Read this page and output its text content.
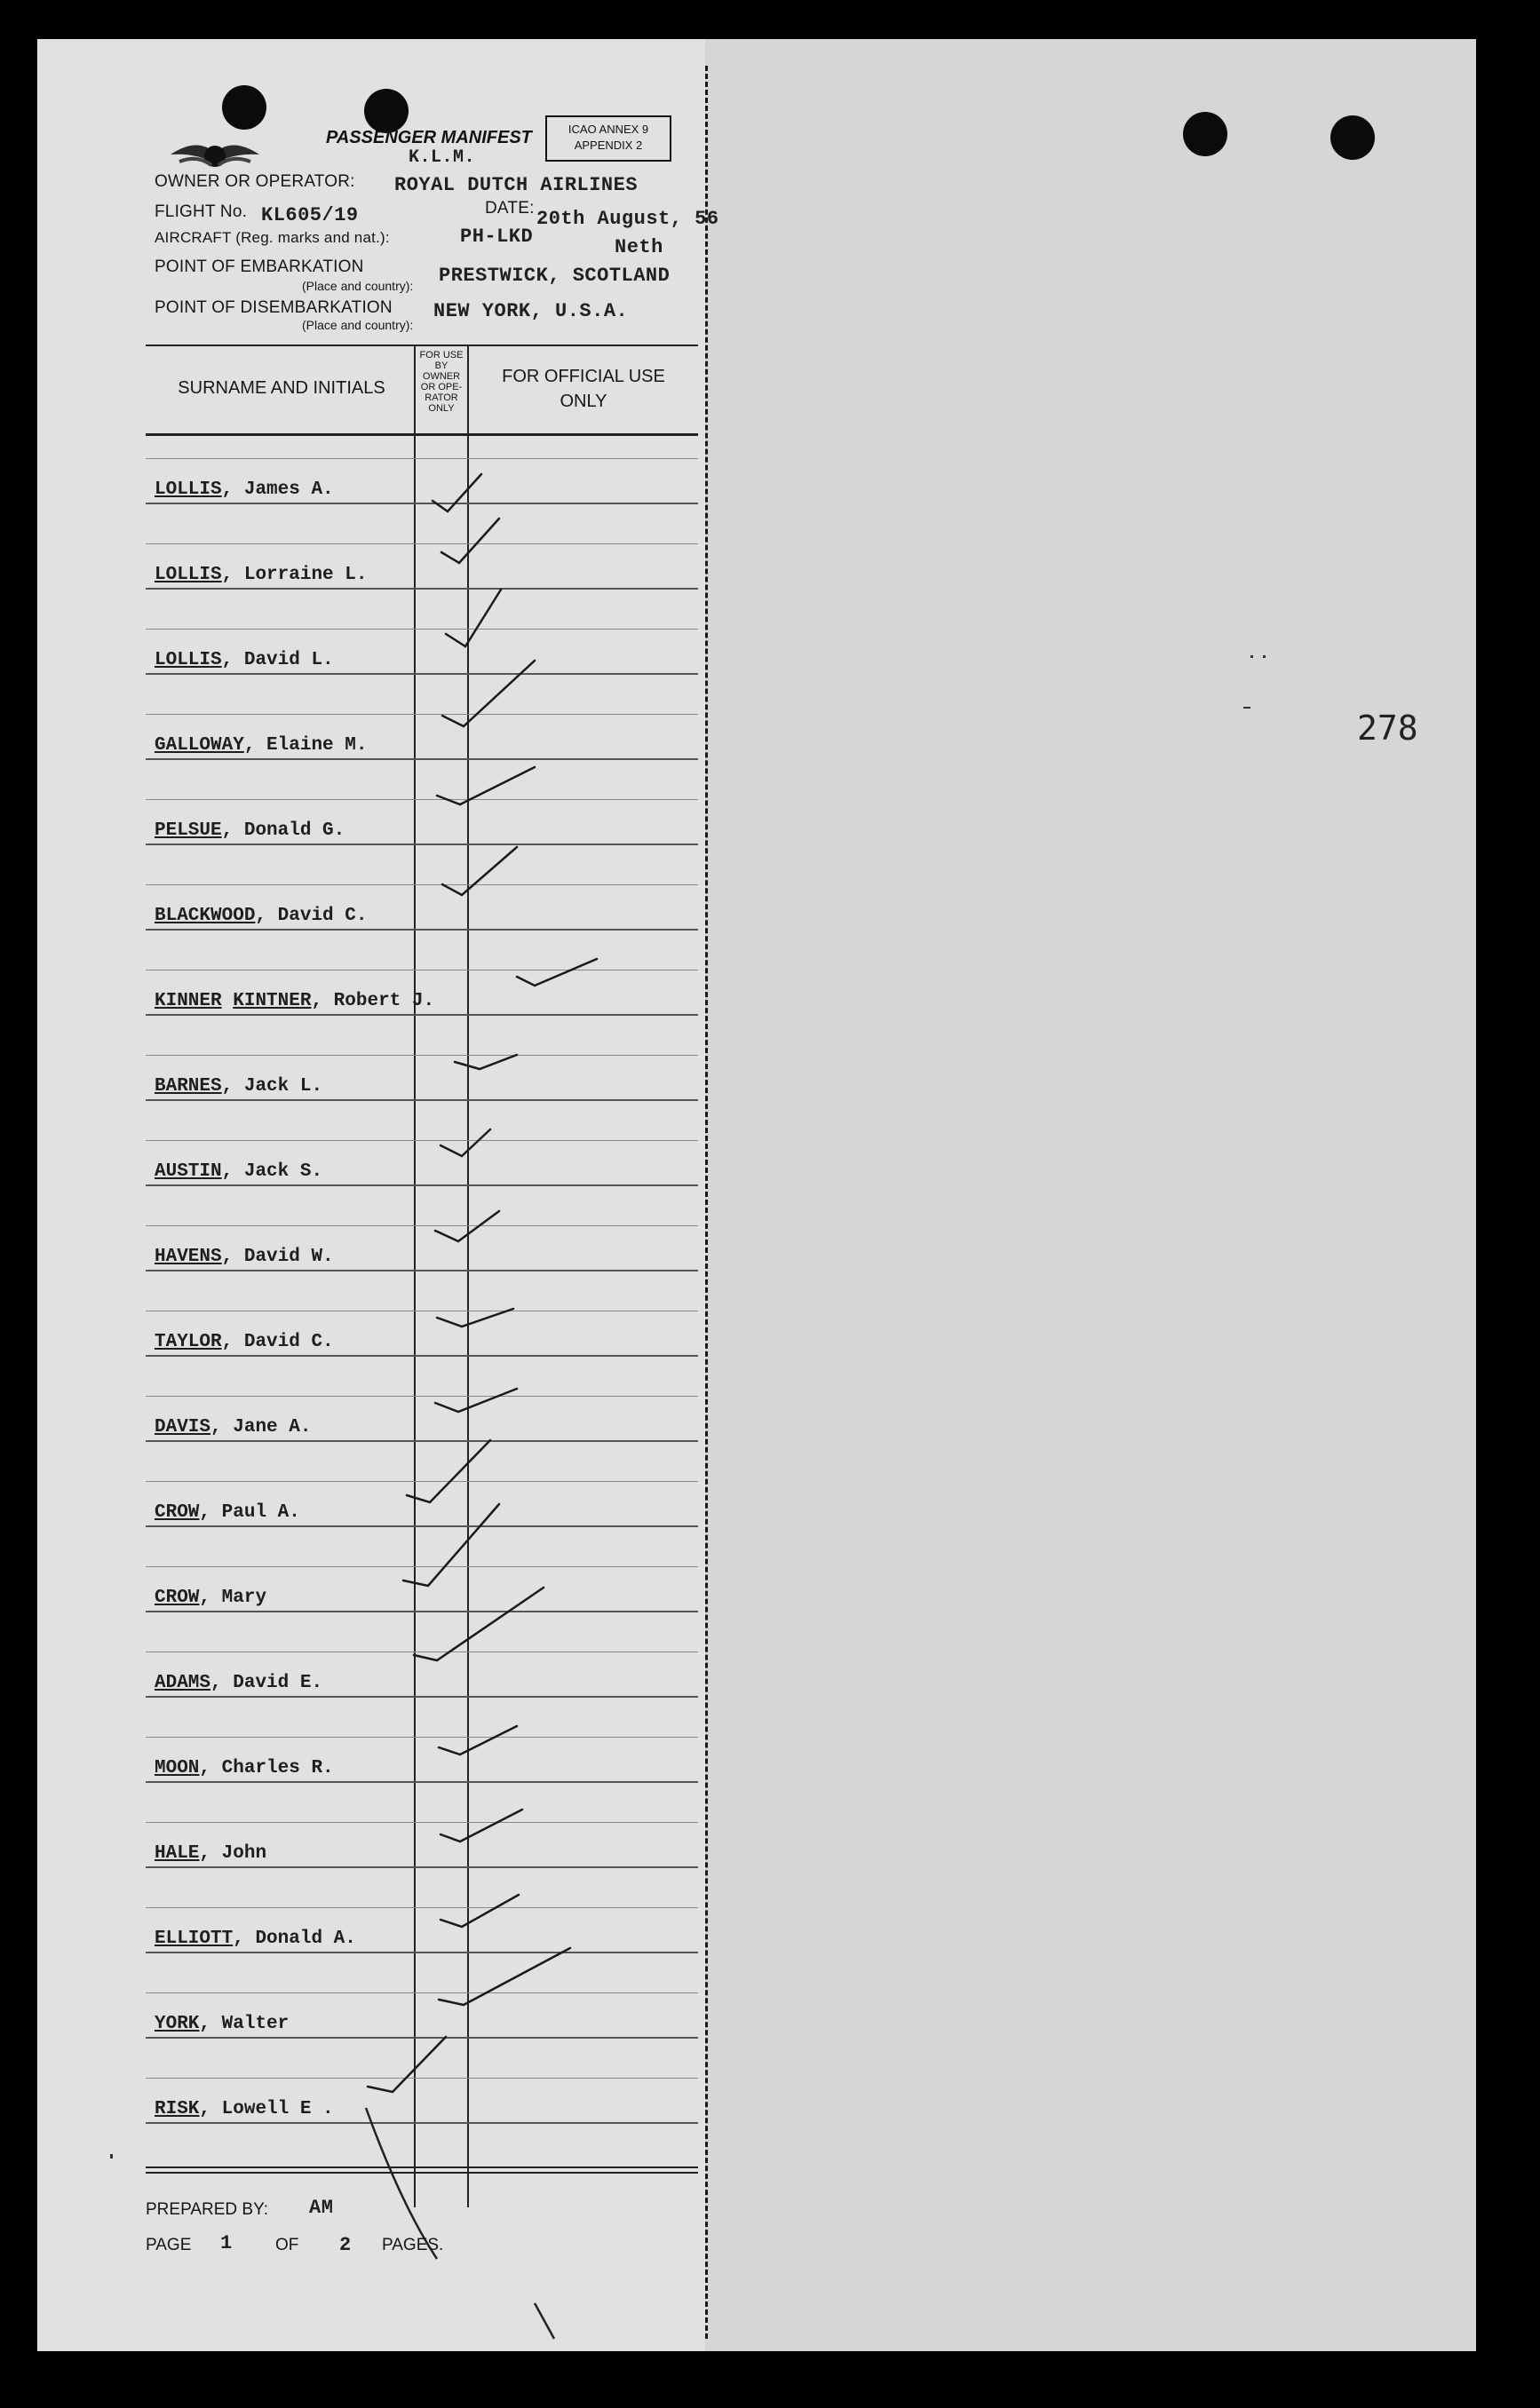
PASSENGER MANIFEST	ICAO ANNEX 9
APPENDIX 2
K.L.M.
OWNER OR OPERATOR: ROYAL DUTCH AIRLINES
FLIGHT No. KL605/19	DATE: 20th August, 56
AIRCRAFT (Reg. marks and nat.):	PH-LKD	Neth
POINT OF EMBARKATION
(Place and country): PRESTWICK, SCOTLAND
POINT OF DISEMBARKATION
(Place and country):
NEW YORK, U.S.A.
SURNAME AND INITIALS
FOR USE
BY
OWNER
OR OPE-
RATOR
ONLY
FOR OFFICIAL USE
ONLY
LOLLIS, James A.
LOLLIS, Lorraine L.
LOLLIS, David L.
GALLOWAY, Elaine M.
PELSUE, Donald G.
BLACKWOOD, David C.
KINNER KINTNER, Robert J.
BARNES, Jack L.
AUSTIN, Jack S.
HAVENS, David W.
TAYLOR, David C.
DAVIS, Jane A.
CROW, Paul A.
CROW, Mary
ADAMS, David E.
MOON, Charles R.
HALE, John
ELLIOTT, Donald A.
YORK, Walter
RISK, Lowell E .
PREPARED BY: AM
PAGE 1	OF 2 PAGES.
278
